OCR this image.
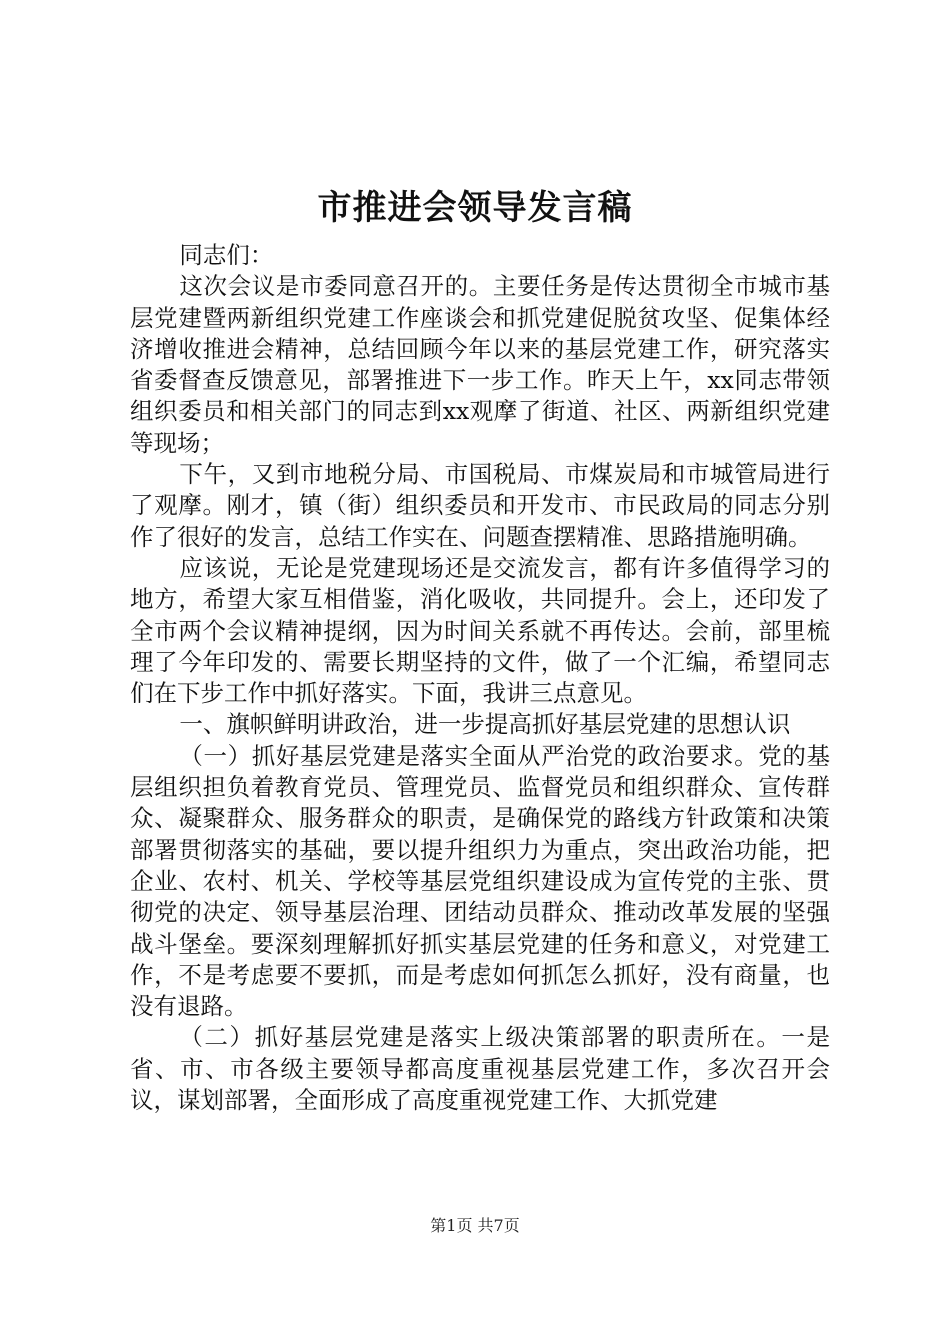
市推进会领导发言稿

同志们：

这次会议是市委同意召开的。主要任务是传达贯彻全市城市基层党建暨两新组织党建工作座谈会和抓党建促脱贫攻坚、促集体经济增收推进会精神，总结回顾今年以来的基层党建工作，研究落实省委督查反馈意见，部署推进下一步工作。昨天上午，xx同志带领组织委员和相关部门的同志到xx观摩了街道、社区、两新组织党建等现场；

下午，又到市地税分局、市国税局、市煤炭局和市城管局进行了观摩。刚才，镇（街）组织委员和开发市、市民政局的同志分别作了很好的发言，总结工作实在、问题查摆精准、思路措施明确。

应该说，无论是党建现场还是交流发言，都有许多值得学习的地方，希望大家互相借鉴，消化吸收，共同提升。会上，还印发了全市两个会议精神提纲，因为时间关系就不再传达。会前，部里梳理了今年印发的、需要长期坚持的文件，做了一个汇编，希望同志们在下步工作中抓好落实。下面，我讲三点意见。

一、旗帜鲜明讲政治，进一步提高抓好基层党建的思想认识

（一）抓好基层党建是落实全面从严治党的政治要求。党的基层组织担负着教育党员、管理党员、监督党员和组织群众、宣传群众、凝聚群众、服务群众的职责，是确保党的路线方针政策和决策部署贯彻落实的基础，要以提升组织力为重点，突出政治功能，把企业、农村、机关、学校等基层党组织建设成为宣传党的主张、贯彻党的决定、领导基层治理、团结动员群众、推动改革发展的坚强战斗堡垒。要深刻理解抓好抓实基层党建的任务和意义，对党建工作，不是考虑要不要抓，而是考虑如何抓怎么抓好，没有商量，也没有退路。

（二）抓好基层党建是落实上级决策部署的职责所在。一是省、市、市各级主要领导都高度重视基层党建工作，多次召开会议，谋划部署，全面形成了高度重视党建工作、大抓党建

第1页 共7页
